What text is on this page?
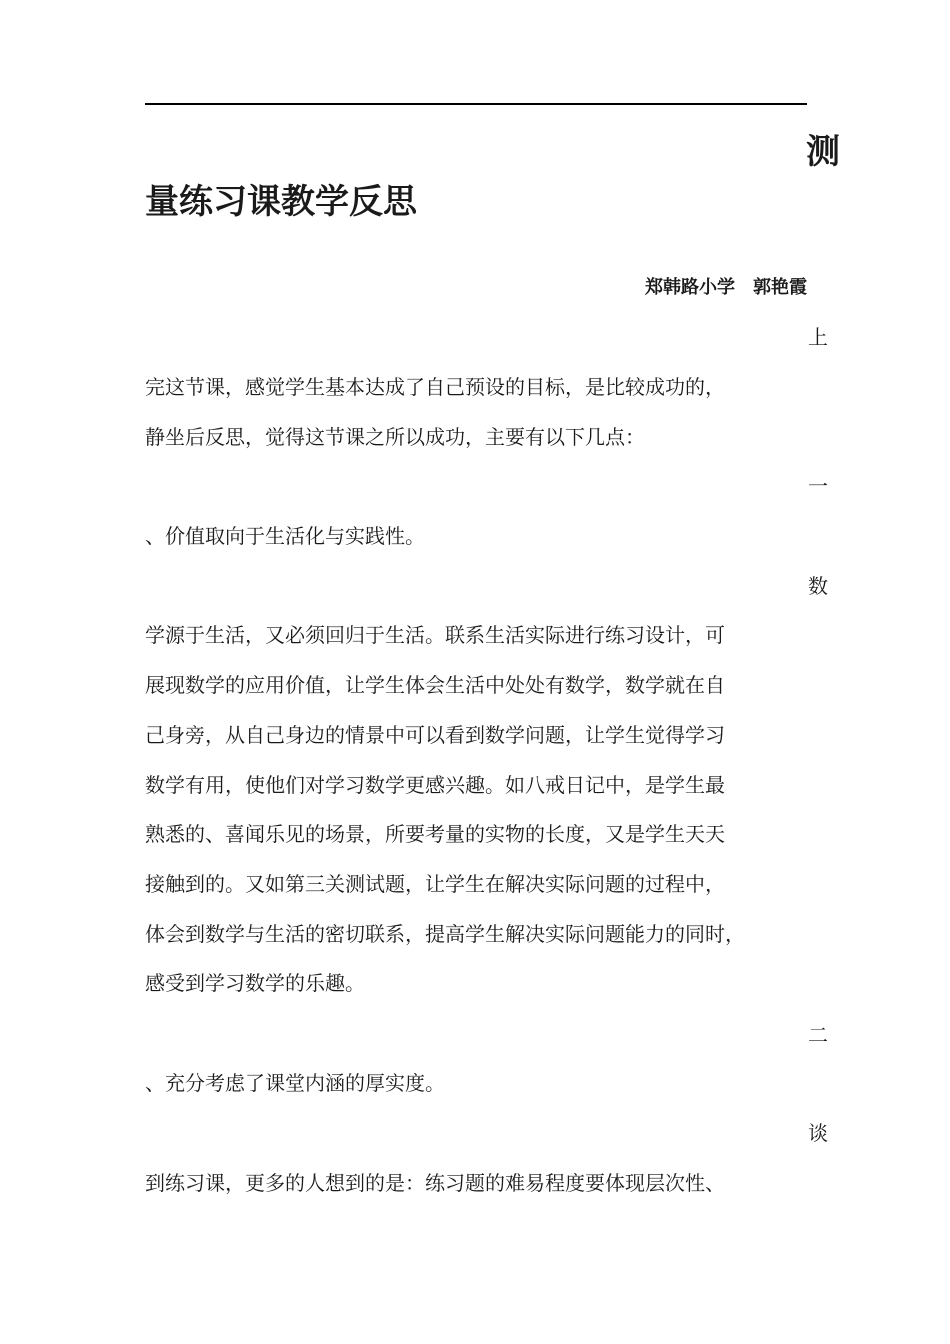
测
量练习课教学反思
郑韩路小学　郭艳霞
上
完这节课，感觉学生基本达成了自己预设的目标，是比较成功的，
静坐后反思，觉得这节课之所以成功，主要有以下几点：
一
、价值取向于生活化与实践性。
数
学源于生活，又必须回归于生活。联系生活实际进行练习设计，可
展现数学的应用价值，让学生体会生活中处处有数学，数学就在自
己身旁，从自己身边的情景中可以看到数学问题，让学生觉得学习
数学有用，使他们对学习数学更感兴趣。如八戒日记中，是学生最
熟悉的、喜闻乐见的场景，所要考量的实物的长度，又是学生天天
接触到的。又如第三关测试题，让学生在解决实际问题的过程中，
体会到数学与生活的密切联系，提高学生解决实际问题能力的同时，
感受到学习数学的乐趣。
二
、充分考虑了课堂内涵的厚实度。
谈
到练习课，更多的人想到的是：练习题的难易程度要体现层次性、
